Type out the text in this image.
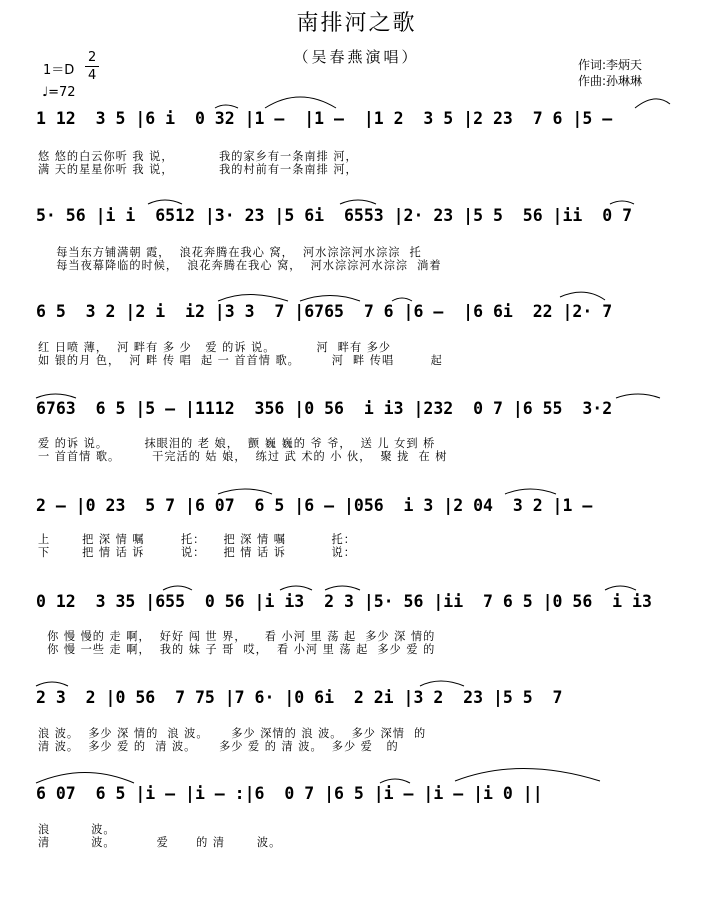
南排河之歌
（吴春燕演唱）	作词:李炳天
作曲:孙琳琳
1＝D
2
4
♩=72
1 12  3 5 |6 i  0 32 |1 –  |1 –  |1 2  3 5 |2 23  7 6 |5 –
悠 悠的白云你听 我 说，          我的家乡有一条南排 河，
满 天的星星你听 我 说，          我的村前有一条南排 河，
5· 56 |i i  6512 |3· 23 |5 6i  6553 |2· 23 |5 5  56 |ii  0 7
每当东方铺满朝 霞，  浪花奔腾在我心 窝，  河水淙淙河水淙淙  托
每当夜幕降临的时候，  浪花奔腾在我心 窝，  河水淙淙河水淙淙  淌着
6 5  3 2 |2 i  i2 |3 3  7 |6765  7 6 |6 –  |6 6i  22 |2· 7
红 日喷 薄，  河 畔有 多 少   爱 的诉 说。         河  畔有 多少
如 银的月 色，  河 畔 传 唱  起 一 首首情 歌。       河  畔 传唱        起
6763  6 5 |5 – |1112  356 |0 56  i i3 |232  0 7 |6 55  3·2
爱 的诉 说。        抹眼泪的 老 娘，  颤 巍 巍的 爷 爷，  送 儿 女到 桥
一 首首情 歌。       干完活的 姑 娘，  练过 武 术的 小 伙，  聚 拢  在 树
2 – |0 23  5 7 |6 07  6 5 |6 – |056  i 3 |2 04  3 2 |1 –
上       把 深 情 嘱        托：    把 深 情 嘱          托：
下       把 情 话 诉        说：    把 情 话 诉          说：
0 12  3 35 |655  0 56 |i i3  2 3 |5· 56 |ii  7 6 5 |0 56  i i3
你 慢 慢的 走 啊，  好好 闯 世 界，    看 小河 里 荡 起  多少 深 情的
你 慢 一些 走 啊，  我的 妹 子 哥  哎，  看 小河 里 荡 起  多少 爱 的
2 3  2 |0 56  7 75 |7 6· |0 6i  2 2i |3 2  23 |5 5  7
浪 波。  多少 深 情的  浪 波。     多少 深情的 浪 波。  多少 深情  的
清 波。  多少 爱 的  清 波。     多少 爱 的 清 波。  多少 爱   的
6 07  6 5 |i – |i – :|6  0 7 |6 5 |i – |i – |i 0 ||
浪         波。
清         波。         爱      的 清       波。
